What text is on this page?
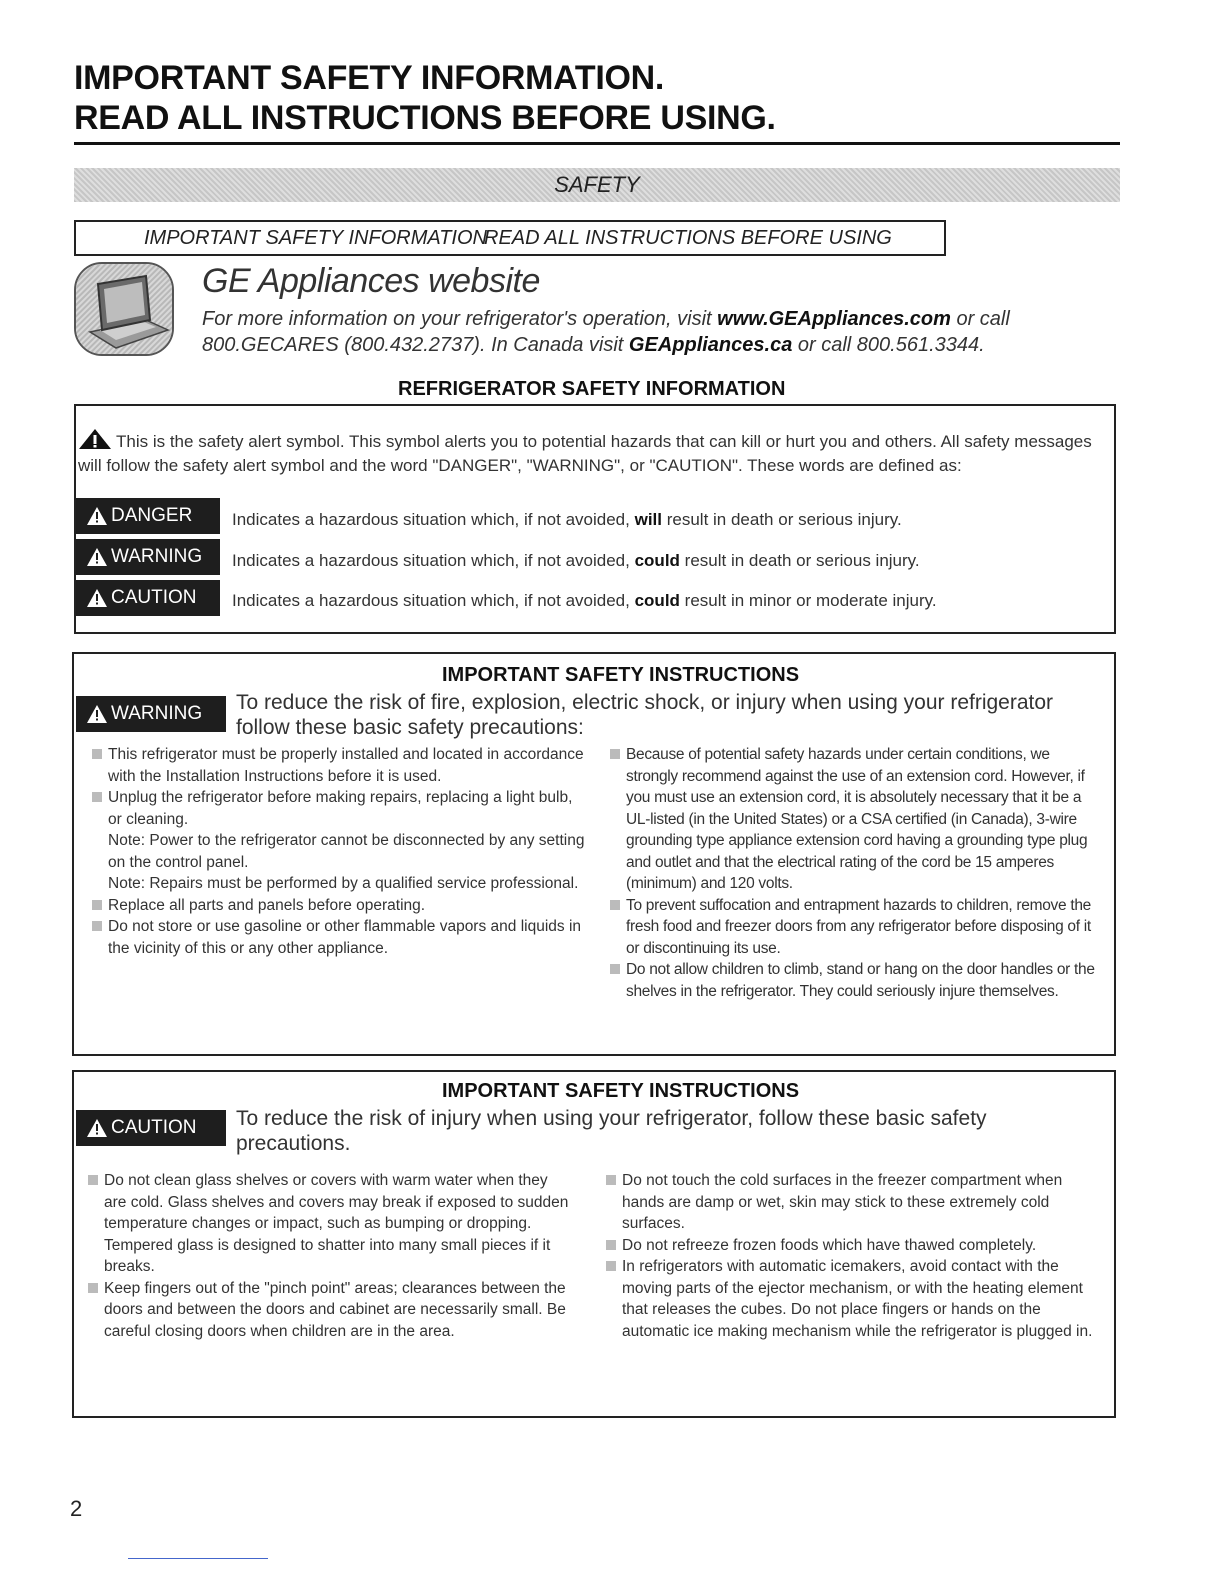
IMPORTANT SAFETY INFORMATION.
READ ALL INSTRUCTIONS BEFORE USING.
SAFETY
IMPORTANT SAFETY INFORMATION
READ ALL INSTRUCTIONS BEFORE USING
GE Appliances website
For more information on your refrigerator's operation, visit www.GEAppliances.com or call 800.GECARES (800.432.2737). In Canada visit GEAppliances.ca or call 800.561.3344.
REFRIGERATOR SAFETY INFORMATION
This is the safety alert symbol. This symbol alerts you to potential hazards that can kill or hurt you and others. All safety messages will follow the safety alert symbol and the word "DANGER", "WARNING", or "CAUTION". These words are defined as:
DANGER Indicates a hazardous situation which, if not avoided, will result in death or serious injury.
WARNING Indicates a hazardous situation which, if not avoided, could result in death or serious injury.
CAUTION Indicates a hazardous situation which, if not avoided, could result in minor or moderate injury.
IMPORTANT SAFETY INSTRUCTIONS
WARNING To reduce the risk of fire, explosion, electric shock, or injury when using your refrigerator follow these basic safety precautions:
This refrigerator must be properly installed and located in accordance with the Installation Instructions before it is used.
Unplug the refrigerator before making repairs, replacing a light bulb, or cleaning.
Note: Power to the refrigerator cannot be disconnected by any setting on the control panel.
Note: Repairs must be performed by a qualified service professional.
Replace all parts and panels before operating.
Do not store or use gasoline or other flammable vapors and liquids in the vicinity of this or any other appliance.
Because of potential safety hazards under certain conditions, we strongly recommend against the use of an extension cord. However, if you must use an extension cord, it is absolutely necessary that it be a UL-listed (in the United States) or a CSA certified (in Canada), 3-wire grounding type appliance extension cord having a grounding type plug and outlet and that the electrical rating of the cord be 15 amperes (minimum) and 120 volts.
To prevent suffocation and entrapment hazards to children, remove the fresh food and freezer doors from any refrigerator before disposing of it or discontinuing its use.
Do not allow children to climb, stand or hang on the door handles or the shelves in the refrigerator. They could seriously injure themselves.
IMPORTANT SAFETY INSTRUCTIONS
CAUTION To reduce the risk of injury when using your refrigerator, follow these basic safety precautions.
Do not clean glass shelves or covers with warm water when they are cold. Glass shelves and covers may break if exposed to sudden temperature changes or impact, such as bumping or dropping. Tempered glass is designed to shatter into many small pieces if it breaks.
Keep fingers out of the "pinch point" areas; clearances between the doors and between the doors and cabinet are necessarily small. Be careful closing doors when children are in the area.
Do not touch the cold surfaces in the freezer compartment when hands are damp or wet, skin may stick to these extremely cold surfaces.
Do not refreeze frozen foods which have thawed completely.
In refrigerators with automatic icemakers, avoid contact with the moving parts of the ejector mechanism, or with the heating element that releases the cubes. Do not place fingers or hands on the automatic ice making mechanism while the refrigerator is plugged in.
2
